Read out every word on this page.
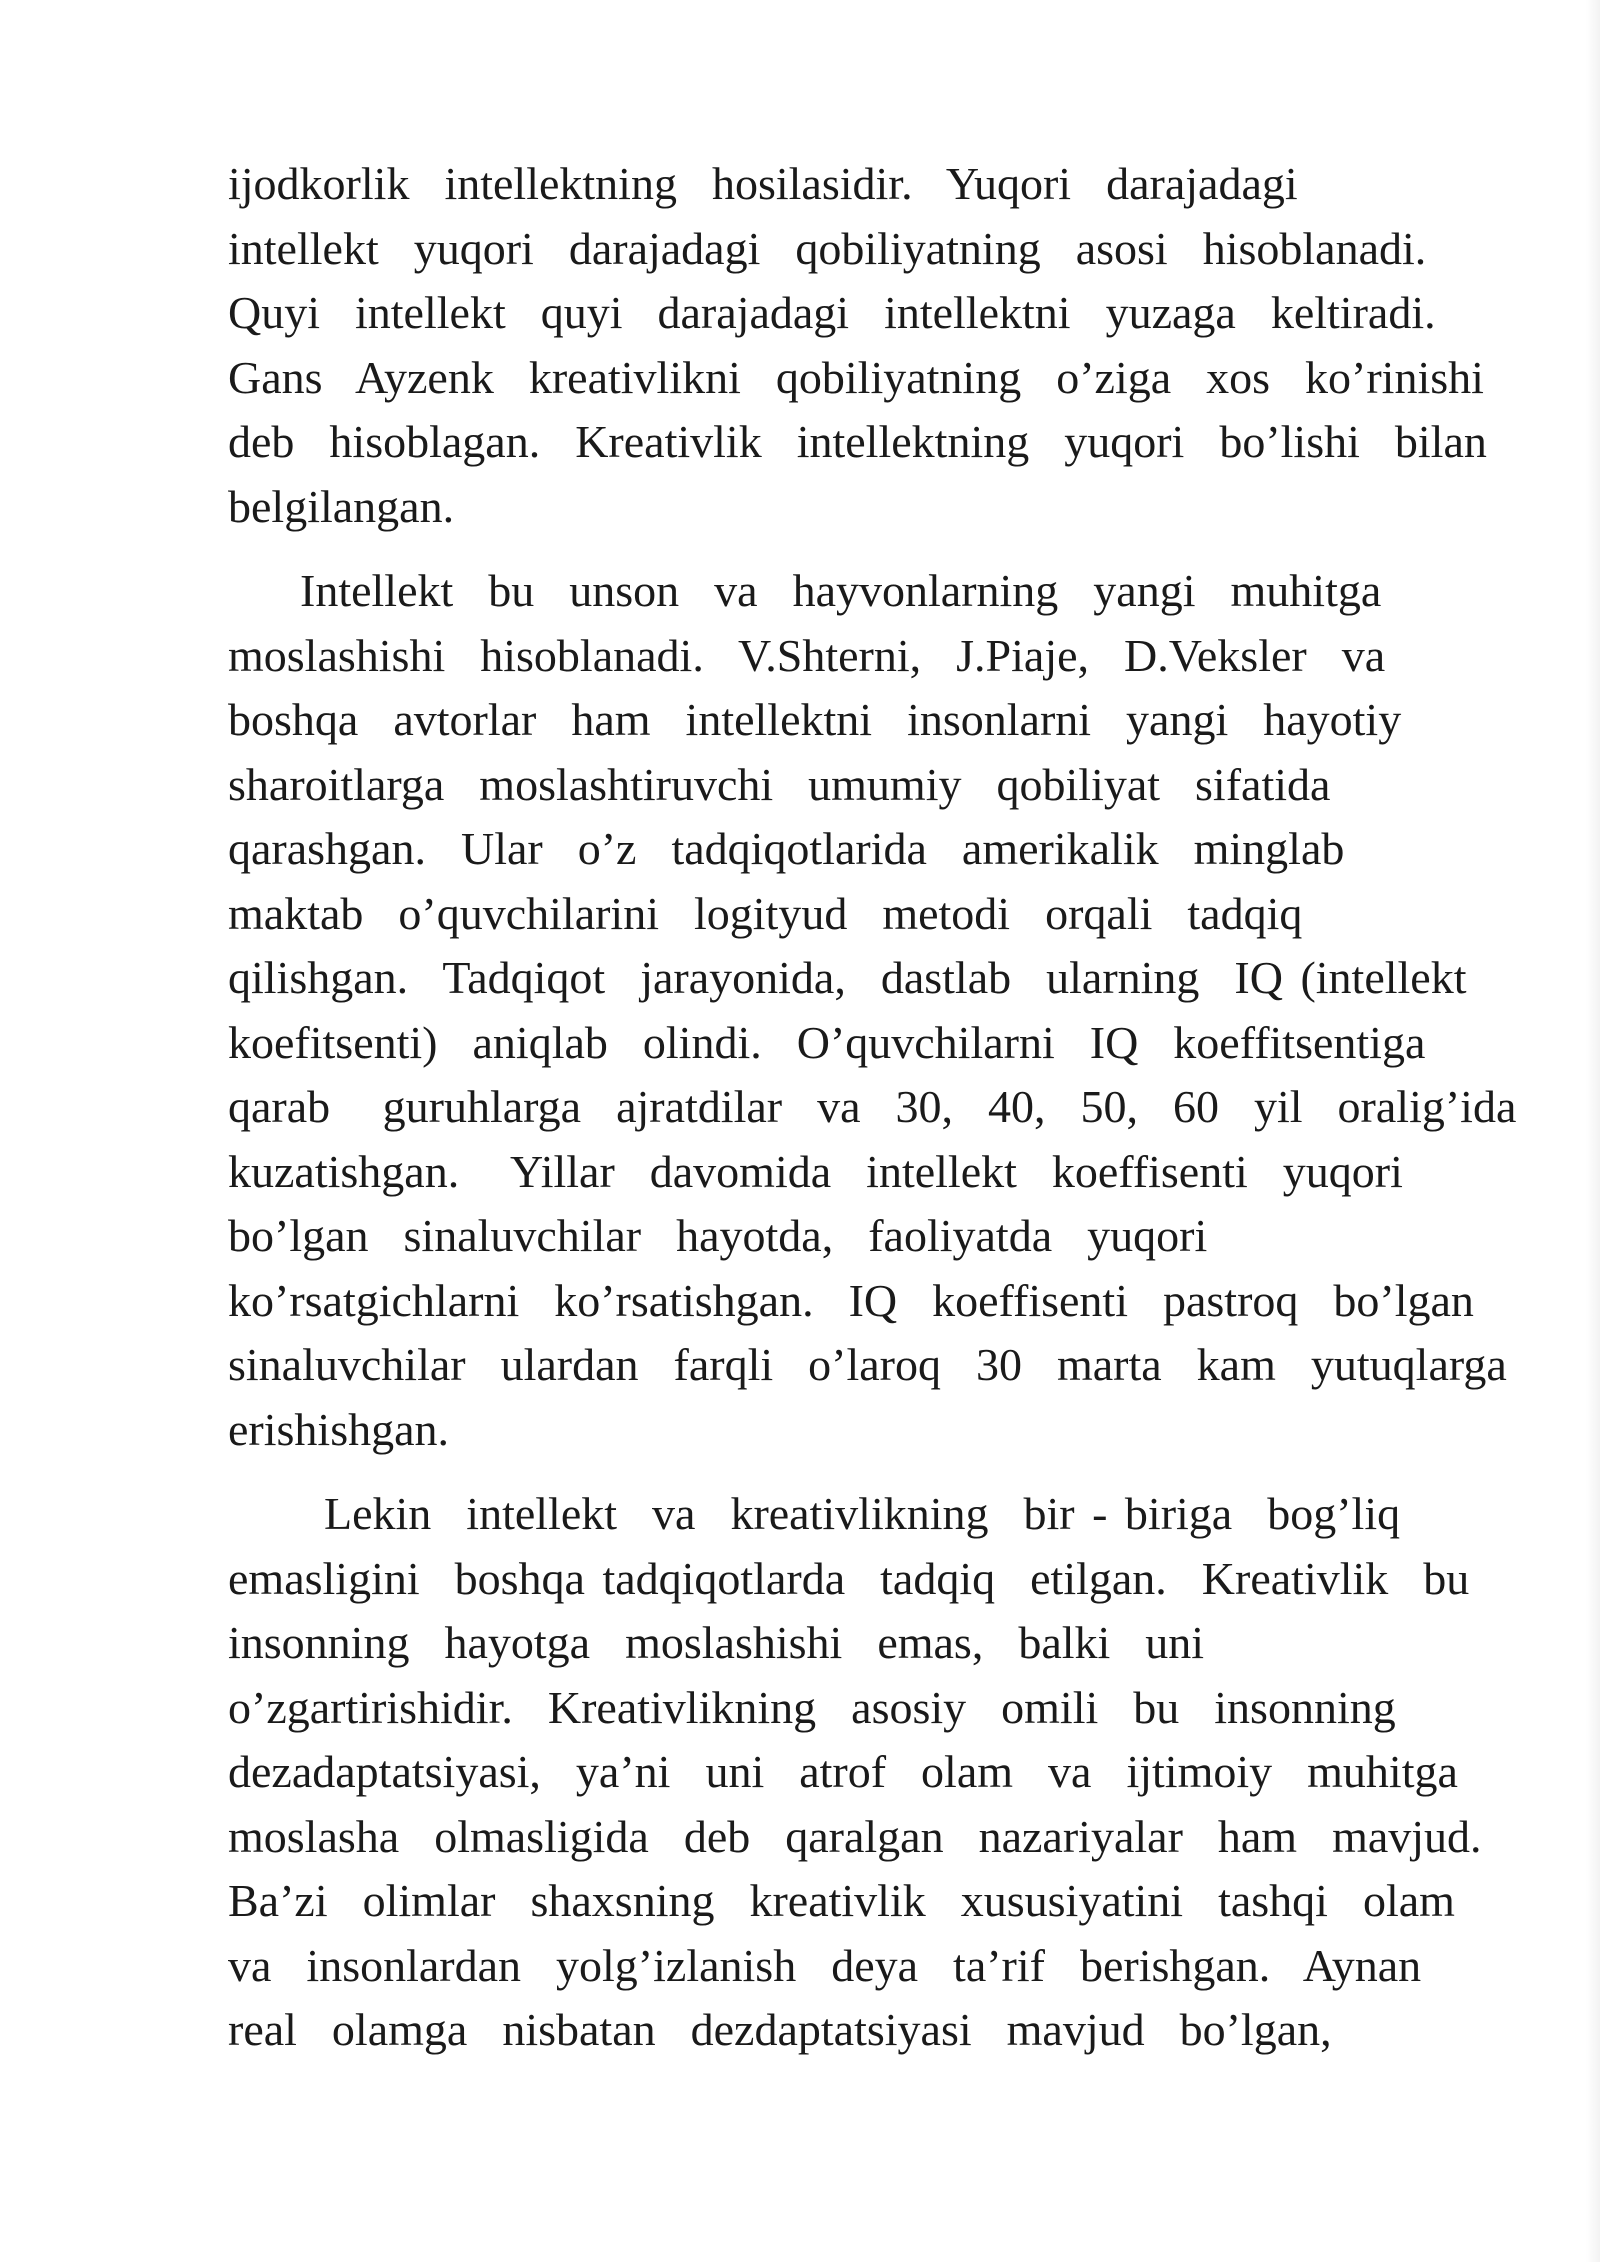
ijodkorlik  intellektning  hosilasidir.  Yuqori  darajadagi
intellekt  yuqori  darajadagi  qobiliyatning  asosi  hisoblanadi.
Quyi  intellekt  quyi  darajadagi  intellektni  yuzaga  keltiradi.
Gans  Ayzenk  kreativlikni  qobiliyatning  o’ziga  xos  ko’rinishi
deb  hisoblagan.  Kreativlik  intellektning  yuqori  bo’lishi  bilan
belgilangan.
Intellekt  bu  unson  va  hayvonlarning  yangi  muhitga
moslashishi  hisoblanadi.  V.Shterni,  J.Piaje,  D.Veksler  va
boshqa  avtorlar  ham  intellektni  insonlarni  yangi  hayotiy
sharoitlarga  moslashtiruvchi  umumiy  qobiliyat  sifatida
qarashgan.  Ular  o’z  tadqiqotlarida  amerikalik  minglab
maktab  o’quvchilarini  logityud  metodi  orqali  tadqiq
qilishgan.  Tadqiqot  jarayonida,  dastlab  ularning  IQ (intellekt
koefitsenti)  aniqlab  olindi.  O’quvchilarni  IQ  koeffitsentiga
qarab   guruhlarga  ajratdilar  va  30,  40,  50,  60  yil  oralig’ida
kuzatishgan.   Yillar  davomida  intellekt  koeffisenti  yuqori
bo’lgan  sinaluvchilar  hayotda,  faoliyatda  yuqori
ko’rsatgichlarni  ko’rsatishgan.  IQ  koeffisenti  pastroq  bo’lgan
sinaluvchilar  ulardan  farqli  o’laroq  30  marta  kam  yutuqlarga
erishishgan.
Lekin  intellekt  va  kreativlikning  bir - biriga  bog’liq
emasligini  boshqa tadqiqotlarda  tadqiq  etilgan.  Kreativlik  bu
insonning  hayotga  moslashishi  emas,  balki  uni
o’zgartirishidir.  Kreativlikning  asosiy  omili  bu  insonning
dezadaptatsiyasi,  ya’ni  uni  atrof  olam  va  ijtimoiy  muhitga
moslasha  olmasligida  deb  qaralgan  nazariyalar  ham  mavjud.
Ba’zi  olimlar  shaxsning  kreativlik  xususiyatini  tashqi  olam
va  insonlardan  yolg’izlanish  deya  ta’rif  berishgan.  Aynan
real  olamga  nisbatan  dezdaptatsiyasi  mavjud  bo’lgan,
